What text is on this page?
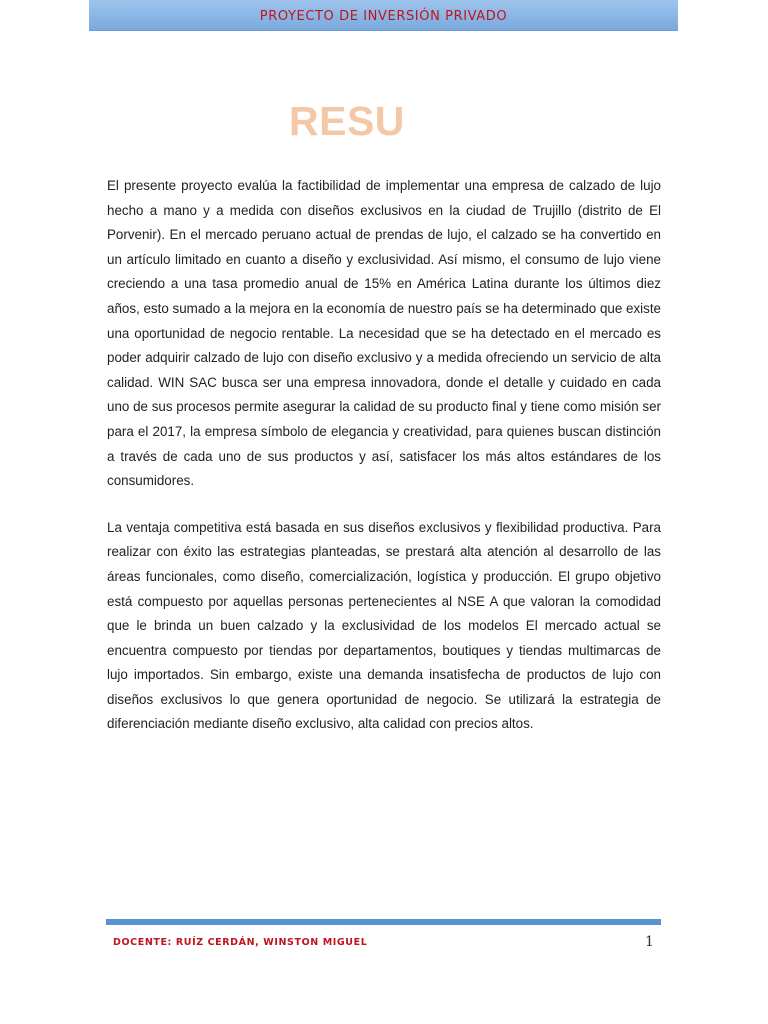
PROYECTO DE INVERSIÓN PRIVADO
RESU

El presente proyecto evalúa la factibilidad de implementar una empresa de calzado de lujo hecho a mano y a medida con diseños exclusivos en la ciudad de Trujillo (distrito de El Porvenir). En el mercado peruano actual de prendas de lujo, el calzado se ha convertido en un artículo limitado en cuanto a diseño y exclusividad. Así mismo, el consumo de lujo viene creciendo a una tasa promedio anual de 15% en América Latina durante los últimos diez años, esto sumado a la mejora en la economía de nuestro país se ha determinado que existe una oportunidad de negocio rentable. La necesidad que se ha detectado en el mercado es poder adquirir calzado de lujo con diseño exclusivo y a medida ofreciendo un servicio de alta calidad. WIN SAC busca ser una empresa innovadora, donde el detalle y cuidado en cada uno de sus procesos permite asegurar la calidad de su producto final y tiene como misión ser para el 2017, la empresa símbolo de elegancia y creatividad, para quienes buscan distinción a través de cada uno de sus productos y así, satisfacer los más altos estándares de los consumidores.

La ventaja competitiva está basada en sus diseños exclusivos y flexibilidad productiva. Para realizar con éxito las estrategias planteadas, se prestará alta atención al desarrollo de las áreas funcionales, como diseño, comercialización, logística y producción. El grupo objetivo está compuesto por aquellas personas pertenecientes al NSE A que valoran la comodidad que le brinda un buen calzado y la exclusividad de los modelos El mercado actual se encuentra compuesto por tiendas por departamentos, boutiques y tiendas multimarcas de lujo importados. Sin embargo, existe una demanda insatisfecha de productos de lujo con diseños exclusivos lo que genera oportunidad de negocio. Se utilizará la estrategia de diferenciación mediante diseño exclusivo, alta calidad con precios altos.

DOCENTE: RUÍZ CERDÁN, WINSTON MIGUEL	1
